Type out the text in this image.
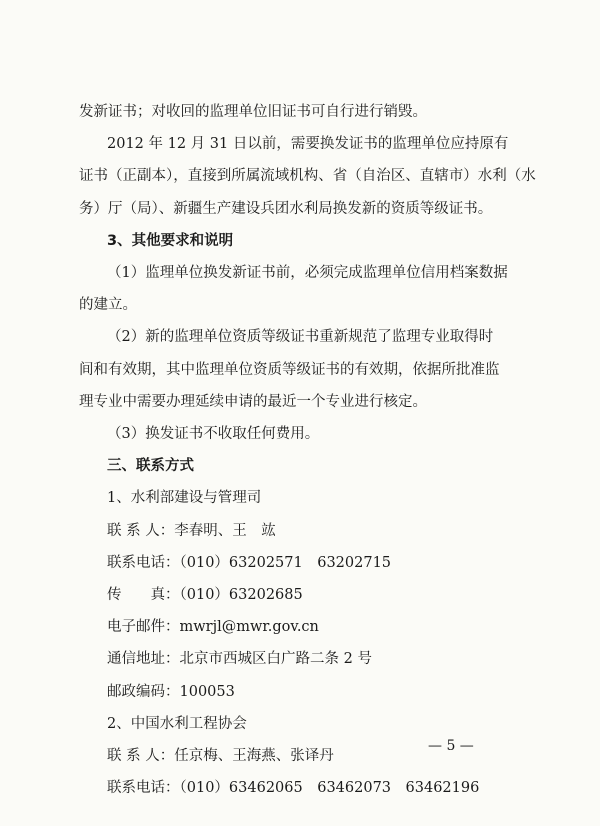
发新证书；对收回的监理单位旧证书可自行进行销毁。
2012 年 12 月 31 日以前，需要换发证书的监理单位应持原有
证书（正副本），直接到所属流域机构、省（自治区、直辖市）水利（水
务）厅（局）、新疆生产建设兵团水利局换发新的资质等级证书。
3、其他要求和说明
（1）监理单位换发新证书前，必须完成监理单位信用档案数据
的建立。
（2）新的监理单位资质等级证书重新规范了监理专业取得时
间和有效期，其中监理单位资质等级证书的有效期，依据所批准监
理专业中需要办理延续申请的最近一个专业进行核定。
（3）换发证书不收取任何费用。
三、联系方式
1、水利部建设与管理司
联 系 人：李春明、王　竑
联系电话：（010）63202571　63202715
传　　真：（010）63202685
电子邮件：mwrjl@mwr.gov.cn
通信地址：北京市西城区白广路二条 2 号
邮政编码：100053
2、中国水利工程协会
联 系 人：任京梅、王海燕、张译丹
联系电话：（010）63462065　63462073　63462196
— 5 —
